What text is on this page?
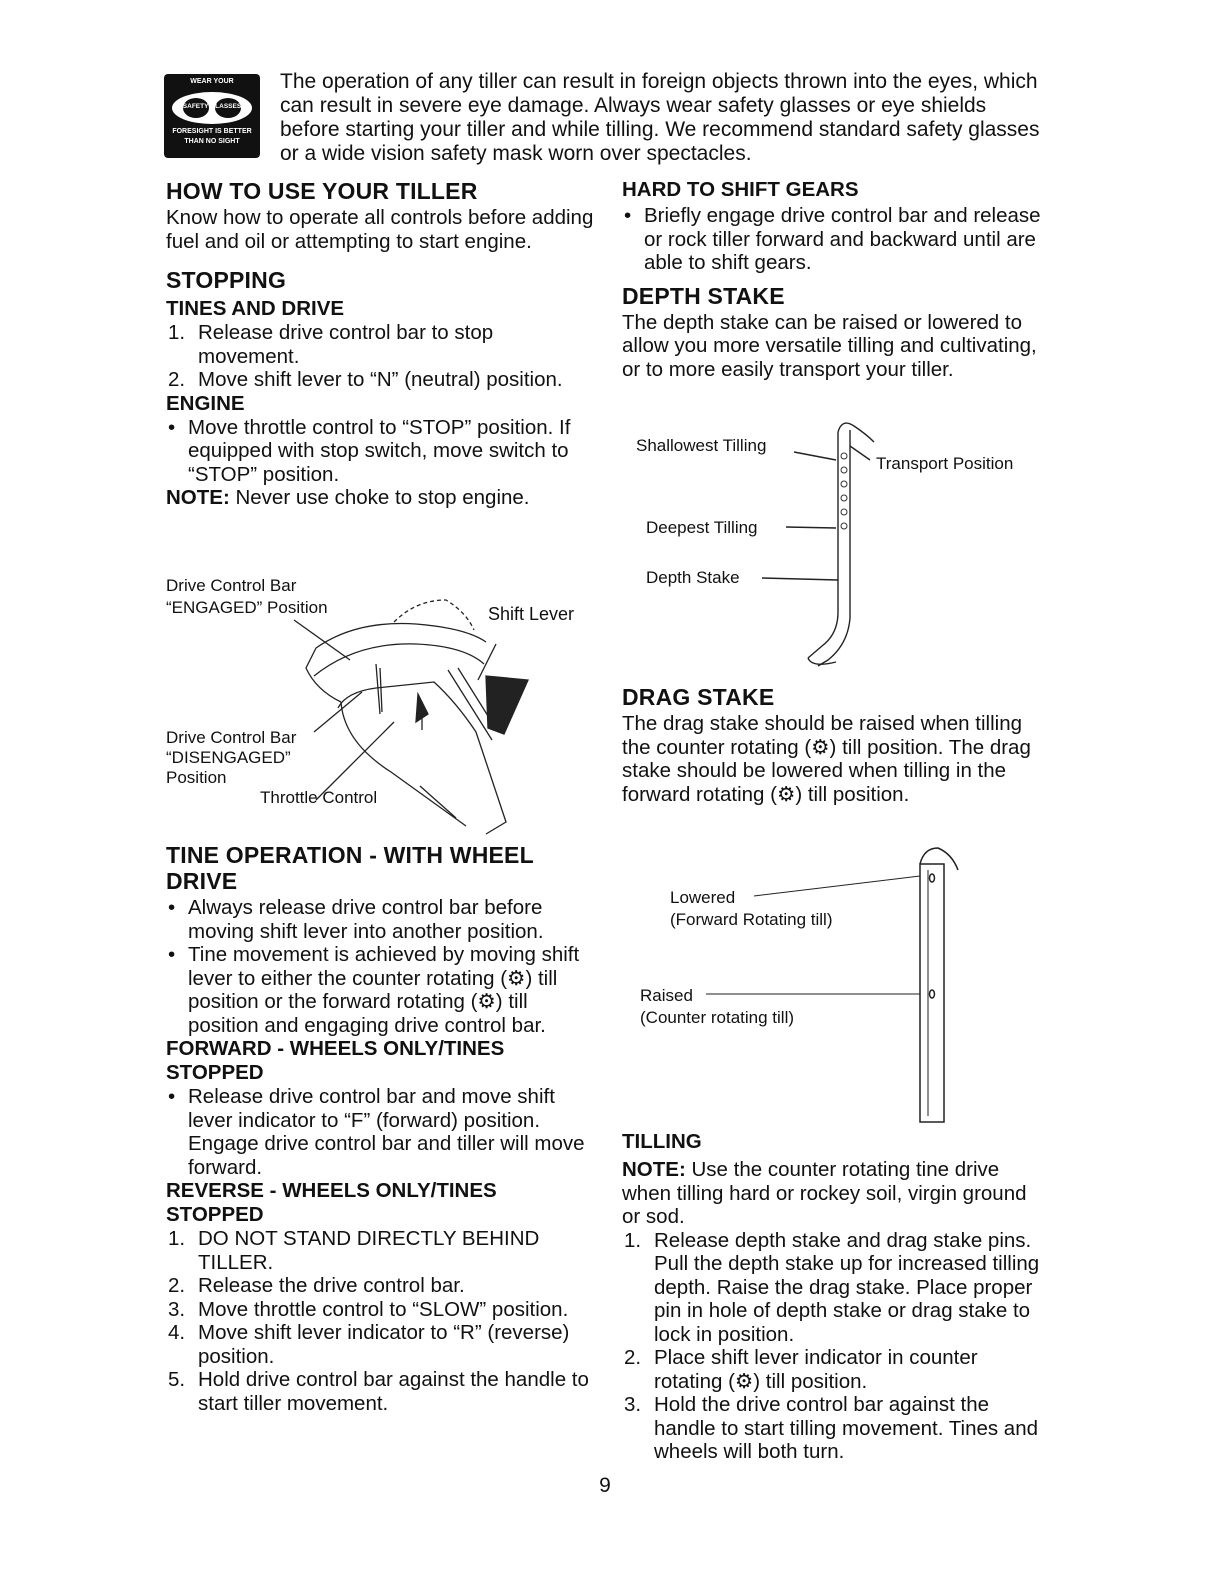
WEAR YOUR
SAFETY GLASSES
FORESIGHT IS BETTER
THAN NO SIGHT

The operation of any tiller can result in foreign objects thrown into the eyes, which can result in severe eye damage. Always wear safety glasses or eye shields before starting your tiller and while tilling. We recommend standard safety glasses or a wide vision safety mask worn over spectacles.

HOW TO USE YOUR TILLER

Know how to operate all controls before adding fuel and oil or attempting to start engine.

STOPPING

TINES AND DRIVE

1. Release drive control bar to stop movement.
2. Move shift lever to “N” (neutral) position.

ENGINE

• Move throttle control to “STOP” position. If equipped with stop switch, move switch to “STOP” position.

NOTE: Never use choke to stop engine.

Drive Control Bar
“ENGAGED” Position	Shift Lever
Drive Control Bar
“DISENGAGED”
Position
Throttle Control

TINE OPERATION - WITH WHEEL DRIVE

• Always release drive control bar before moving shift lever into another position.
• Tine movement is achieved by moving shift lever to either the counter rotating (⚙) till position or the forward rotating (⚙) till position and engaging drive control bar.

FORWARD - WHEELS ONLY/TINES STOPPED

• Release drive control bar and move shift lever indicator to “F” (forward) position. Engage drive control bar and tiller will move forward.

REVERSE - WHEELS ONLY/TINES STOPPED

1. DO NOT STAND DIRECTLY BEHIND TILLER.
2. Release the drive control bar.
3. Move throttle control to “SLOW” position.
4. Move shift lever indicator to “R” (reverse) position.
5. Hold drive control bar against the handle to start tiller movement.

HARD TO SHIFT GEARS

• Briefly engage drive control bar and release or rock tiller forward and backward until are able to shift gears.

DEPTH STAKE

The depth stake can be raised or lowered to allow you more versatile tilling and cultivating, or to more easily transport your tiller.

Shallowest Tilling
Transport Position
Deepest Tilling
Depth Stake

DRAG STAKE

The drag stake should be raised when tilling the counter rotating (⚙) till position. The drag stake should be lowered when tilling in the forward rotating (⚙) till position.

Lowered
(Forward Rotating till)
Raised
(Counter rotating till)

TILLING

NOTE: Use the counter rotating tine drive when tilling hard or rockey soil, virgin ground or sod.

1. Release depth stake and drag stake pins. Pull the depth stake up for increased tilling depth. Raise the drag stake. Place proper pin in hole of depth stake or drag stake to lock in position.
2. Place shift lever indicator in counter rotating (⚙) till position.
3. Hold the drive control bar against the handle to start tilling movement. Tines and wheels will both turn.
9
